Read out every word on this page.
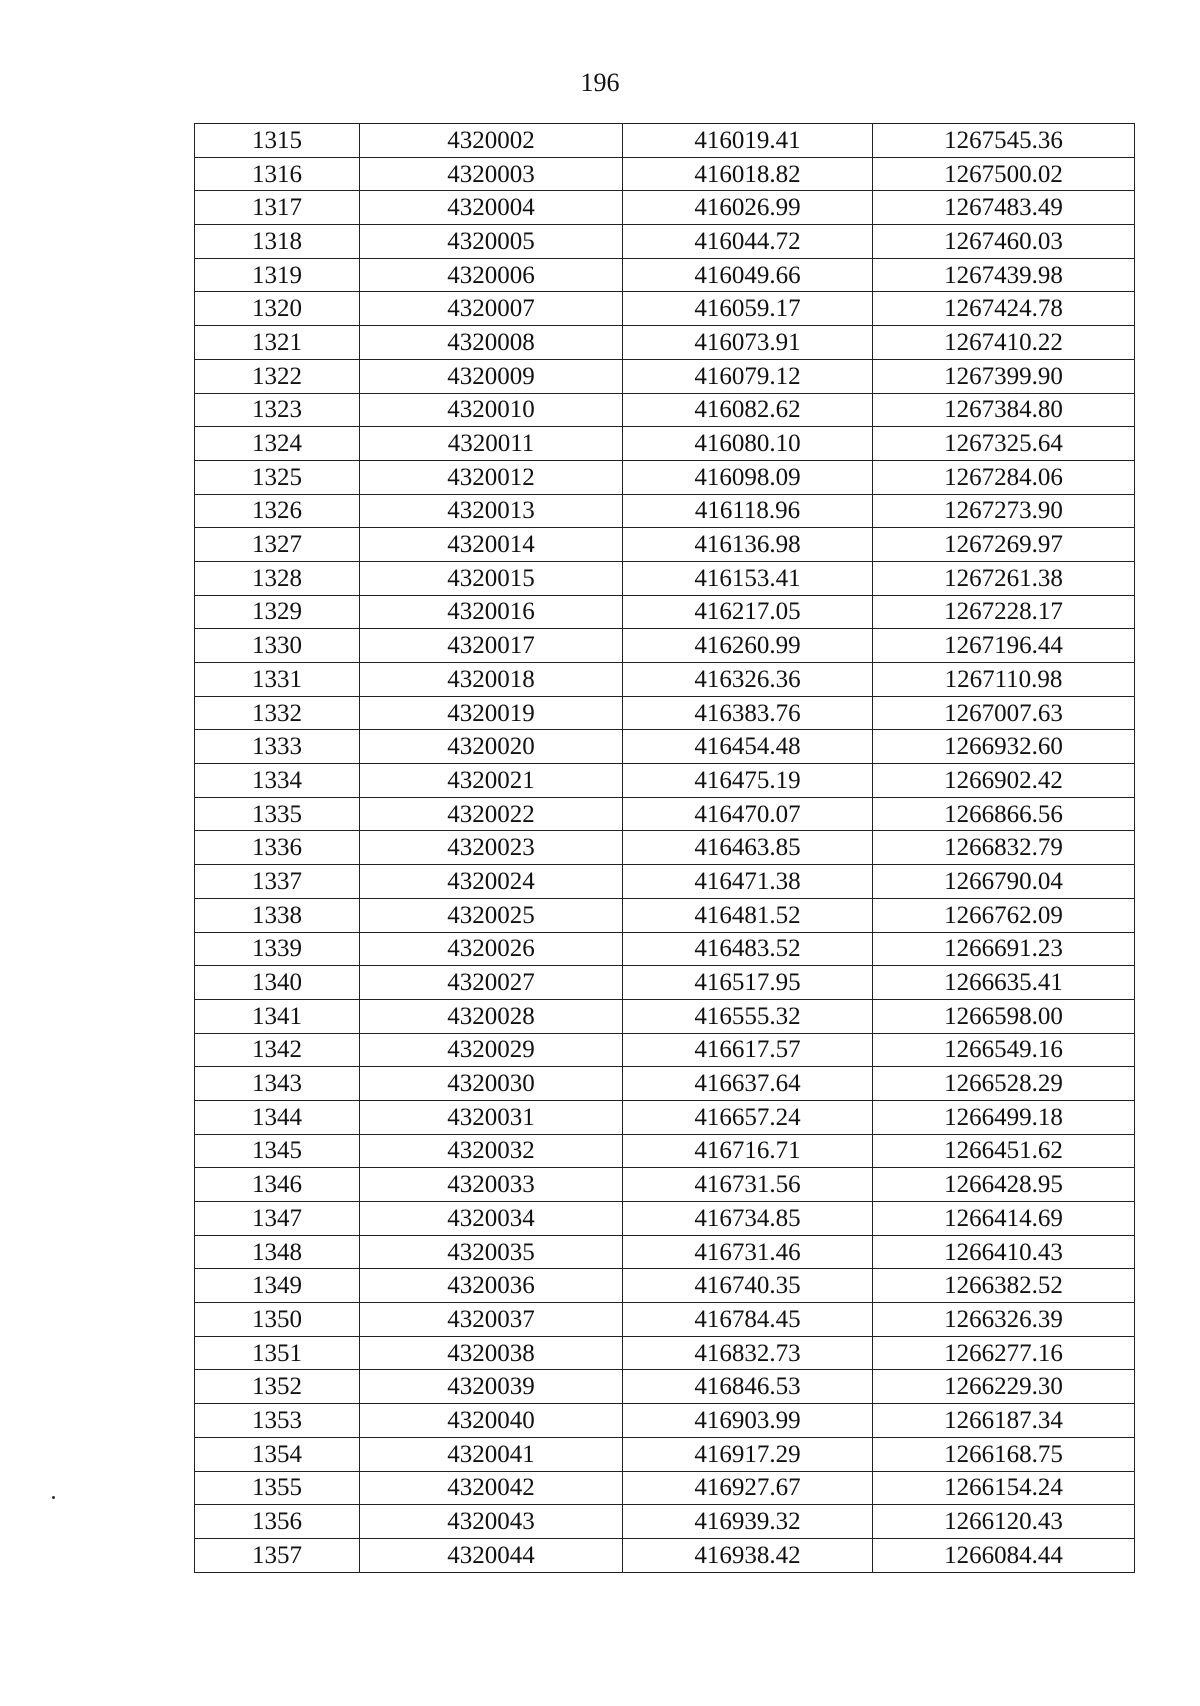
196
1315	4320002	416019.41	1267545.36
1316	4320003	416018.82	1267500.02
1317	4320004	416026.99	1267483.49
1318	4320005	416044.72	1267460.03
1319	4320006	416049.66	1267439.98
1320	4320007	416059.17	1267424.78
1321	4320008	416073.91	1267410.22
1322	4320009	416079.12	1267399.90
1323	4320010	416082.62	1267384.80
1324	4320011	416080.10	1267325.64
1325	4320012	416098.09	1267284.06
1326	4320013	416118.96	1267273.90
1327	4320014	416136.98	1267269.97
1328	4320015	416153.41	1267261.38
1329	4320016	416217.05	1267228.17
1330	4320017	416260.99	1267196.44
1331	4320018	416326.36	1267110.98
1332	4320019	416383.76	1267007.63
1333	4320020	416454.48	1266932.60
1334	4320021	416475.19	1266902.42
1335	4320022	416470.07	1266866.56
1336	4320023	416463.85	1266832.79
1337	4320024	416471.38	1266790.04
1338	4320025	416481.52	1266762.09
1339	4320026	416483.52	1266691.23
1340	4320027	416517.95	1266635.41
1341	4320028	416555.32	1266598.00
1342	4320029	416617.57	1266549.16
1343	4320030	416637.64	1266528.29
1344	4320031	416657.24	1266499.18
1345	4320032	416716.71	1266451.62
1346	4320033	416731.56	1266428.95
1347	4320034	416734.85	1266414.69
1348	4320035	416731.46	1266410.43
1349	4320036	416740.35	1266382.52
1350	4320037	416784.45	1266326.39
1351	4320038	416832.73	1266277.16
1352	4320039	416846.53	1266229.30
1353	4320040	416903.99	1266187.34
1354	4320041	416917.29	1266168.75
1355	4320042	416927.67	1266154.24
1356	4320043	416939.32	1266120.43
1357	4320044	416938.42	1266084.44
